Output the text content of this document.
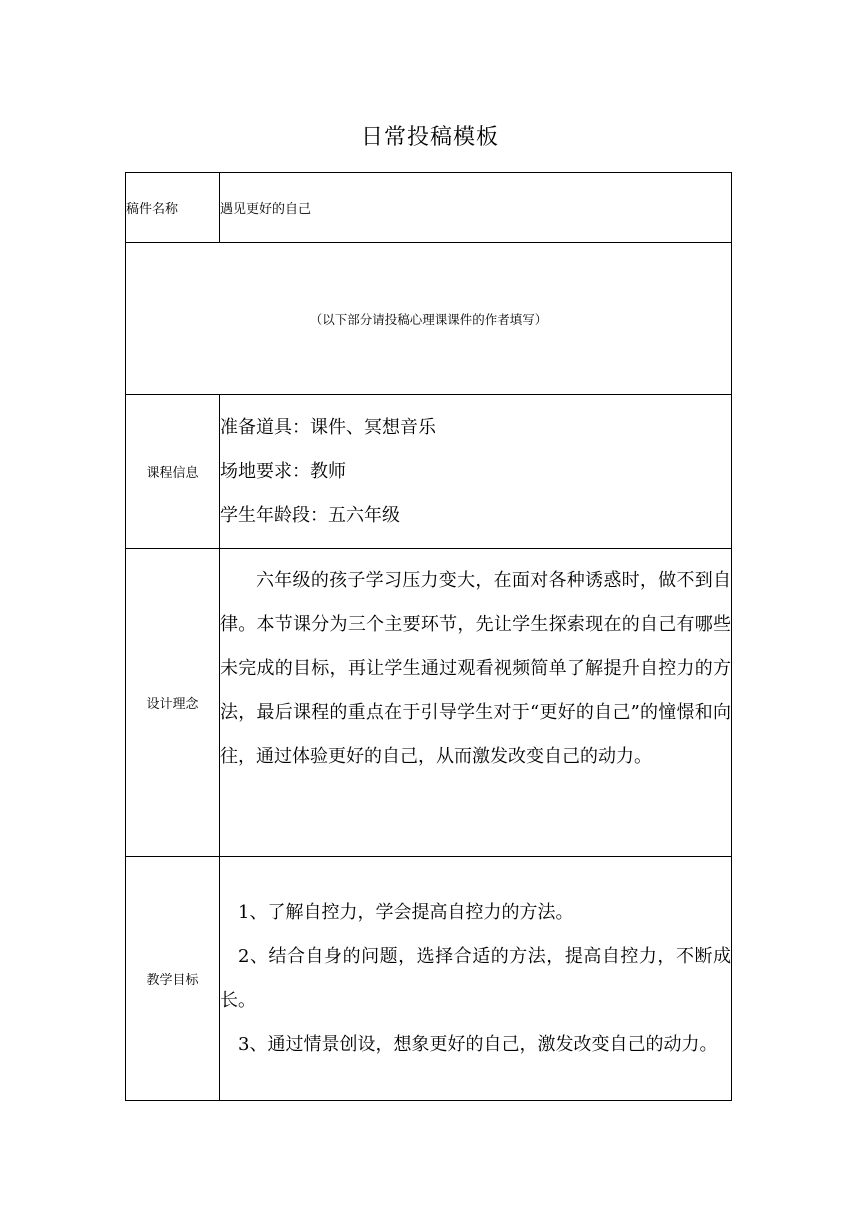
日常投稿模板
稿件名称	遇见更好的自己
（以下部分请投稿心理课课件的作者填写）	
课程信息	准备道具：课件、冥想音乐

场地要求：教师

学生年龄段：五六年级

设计理念	六年级的孩子学习压力变大，在面对各种诱惑时，做不到自律。本节课分为三个主要环节，先让学生探索现在的自己有哪些未完成的目标，再让学生通过观看视频简单了解提升自控力的方法，最后课程的重点在于引导学生对于“更好的自己”的憧憬和向往，通过体验更好的自己，从而激发改变自己的动力。

教学目标	1、了解自控力，学会提高自控力的方法。

2、结合自身的问题，选择合适的方法，提高自控力，不断成长。

3、通过情景创设，想象更好的自己，激发改变自己的动力。
